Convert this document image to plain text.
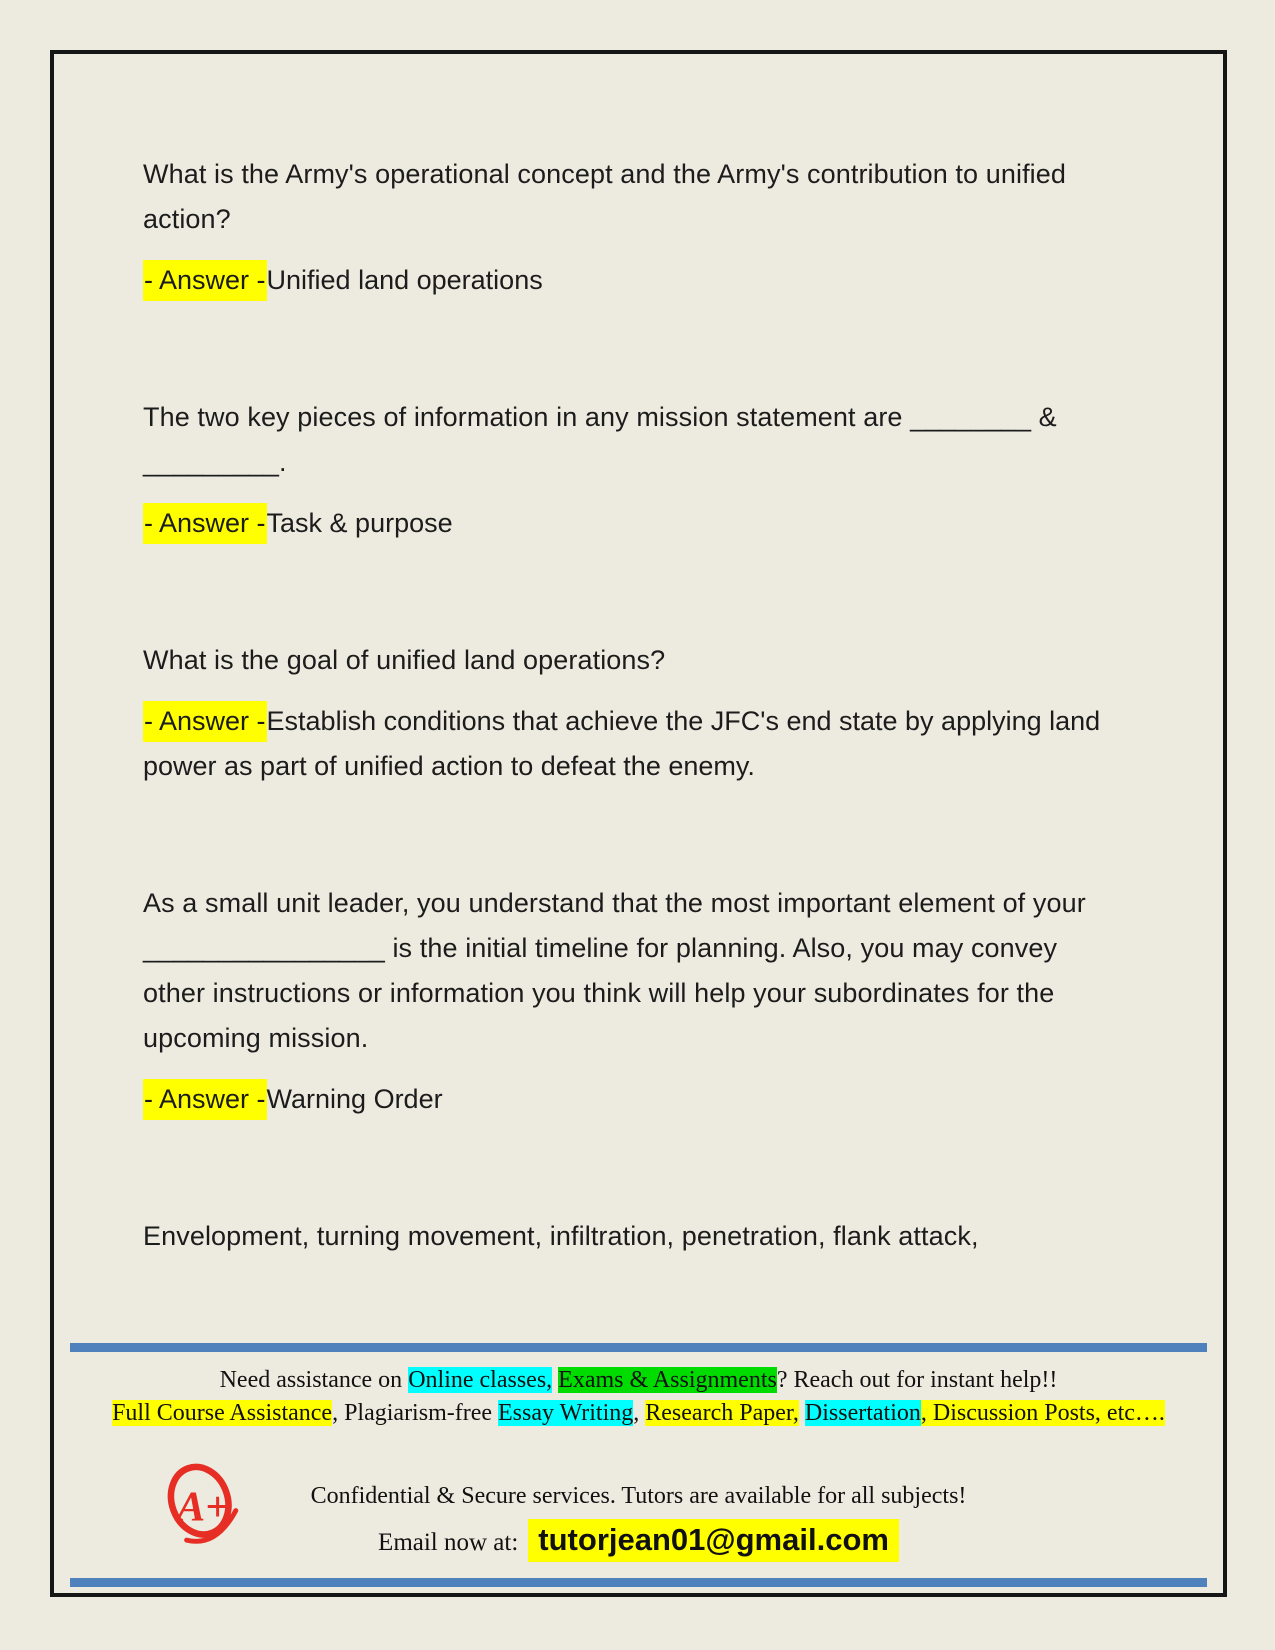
What is the Army's operational concept and the Army's contribution to unified action?

- Answer -Unified land operations

The two key pieces of information in any mission statement are ________ & _________.

- Answer -Task & purpose

What is the goal of unified land operations?

- Answer -Establish conditions that achieve the JFC's end state by applying land power as part of unified action to defeat the enemy.

As a small unit leader, you understand that the most important element of your ________________ is the initial timeline for planning. Also, you may convey other instructions or information you think will help your subordinates for the upcoming mission.

- Answer -Warning Order

Envelopment, turning movement, infiltration, penetration, flank attack,

Need assistance on Online classes, Exams & Assignments? Reach out for instant help!!

Full Course Assistance, Plagiarism-free Essay Writing, Research Paper, Dissertation, Discussion Posts, etc….

A+	Confidential & Secure services. Tutors are available for all subjects!

Email now at: tutorjean01@gmail.com
